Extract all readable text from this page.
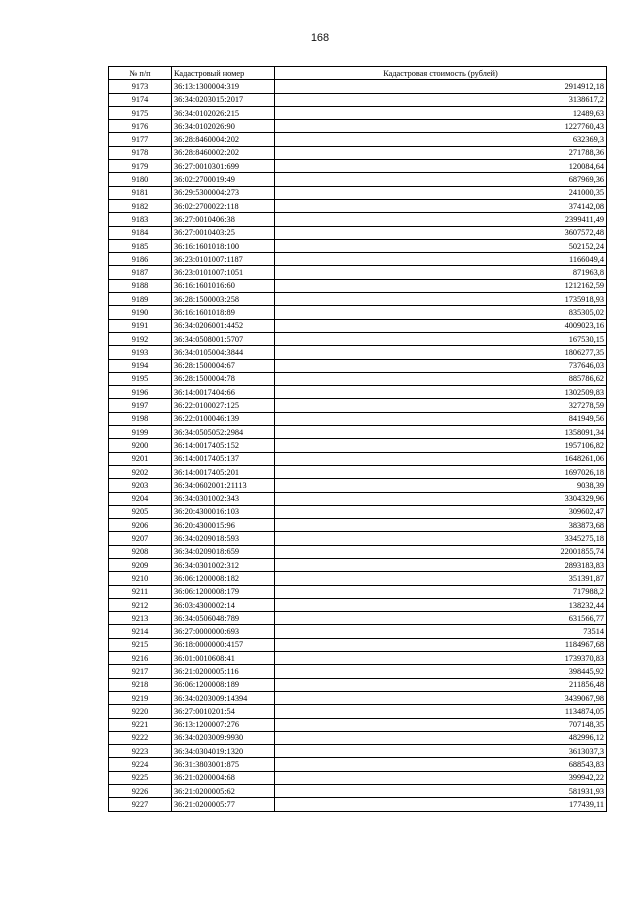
168
№ п/п	Кадастровый номер	Кадастровая стоимость (рублей)
9173	36:13:1300004:319	2914912,18
9174	36:34:0203015:2017	3138617,2
9175	36:34:0102026:215	12489,63
9176	36:34:0102026:90	1227760,43
9177	36:28:8460004:202	632369,3
9178	36:28:8460002:202	271788,36
9179	36:27:0010301:699	120084,64
9180	36:02:2700019:49	687969,36
9181	36:29:5300004:273	241000,35
9182	36:02:2700022:118	374142,08
9183	36:27:0010406:38	2399411,49
9184	36:27:0010403:25	3607572,48
9185	36:16:1601018:100	502152,24
9186	36:23:0101007:1187	1166049,4
9187	36:23:0101007:1051	871963,8
9188	36:16:1601016:60	1212162,59
9189	36:28:1500003:258	1735918,93
9190	36:16:1601018:89	835305,02
9191	36:34:0206001:4452	4009023,16
9192	36:34:0508001:5707	167530,15
9193	36:34:0105004:3844	1806277,35
9194	36:28:1500004:67	737646,03
9195	36:28:1500004:78	885786,62
9196	36:14:0017404:66	1302509,83
9197	36:22:0100027:125	327278,59
9198	36:22:0100046:139	841949,56
9199	36:34:0505052:2984	1358091,34
9200	36:14:0017405:152	1957106,82
9201	36:14:0017405:137	1648261,06
9202	36:14:0017405:201	1697026,18
9203	36:34:0602001:21113	9038,39
9204	36:34:0301002:343	3304329,96
9205	36:20:4300016:103	309602,47
9206	36:20:4300015:96	383873,68
9207	36:34:0209018:593	3345275,18
9208	36:34:0209018:659	22001855,74
9209	36:34:0301002:312	2893183,83
9210	36:06:1200008:182	351391,87
9211	36:06:1200008:179	717988,2
9212	36:03:4300002:14	138232,44
9213	36:34:0506048:789	631566,77
9214	36:27:0000000:693	73514
9215	36:18:0000000:4157	1184967,68
9216	36:01:0010608:41	1739370,83
9217	36:21:0200005:116	398445,92
9218	36:06:1200008:189	211856,48
9219	36:34:0203009:14394	3439067,98
9220	36:27:0010201:54	1134874,05
9221	36:13:1200007:276	707148,35
9222	36:34:0203009:9930	482996,12
9223	36:34:0304019:1320	3613037,3
9224	36:31:3803001:875	688543,83
9225	36:21:0200004:68	399942,22
9226	36:21:0200005:62	581931,93
9227	36:21:0200005:77	177439,11
